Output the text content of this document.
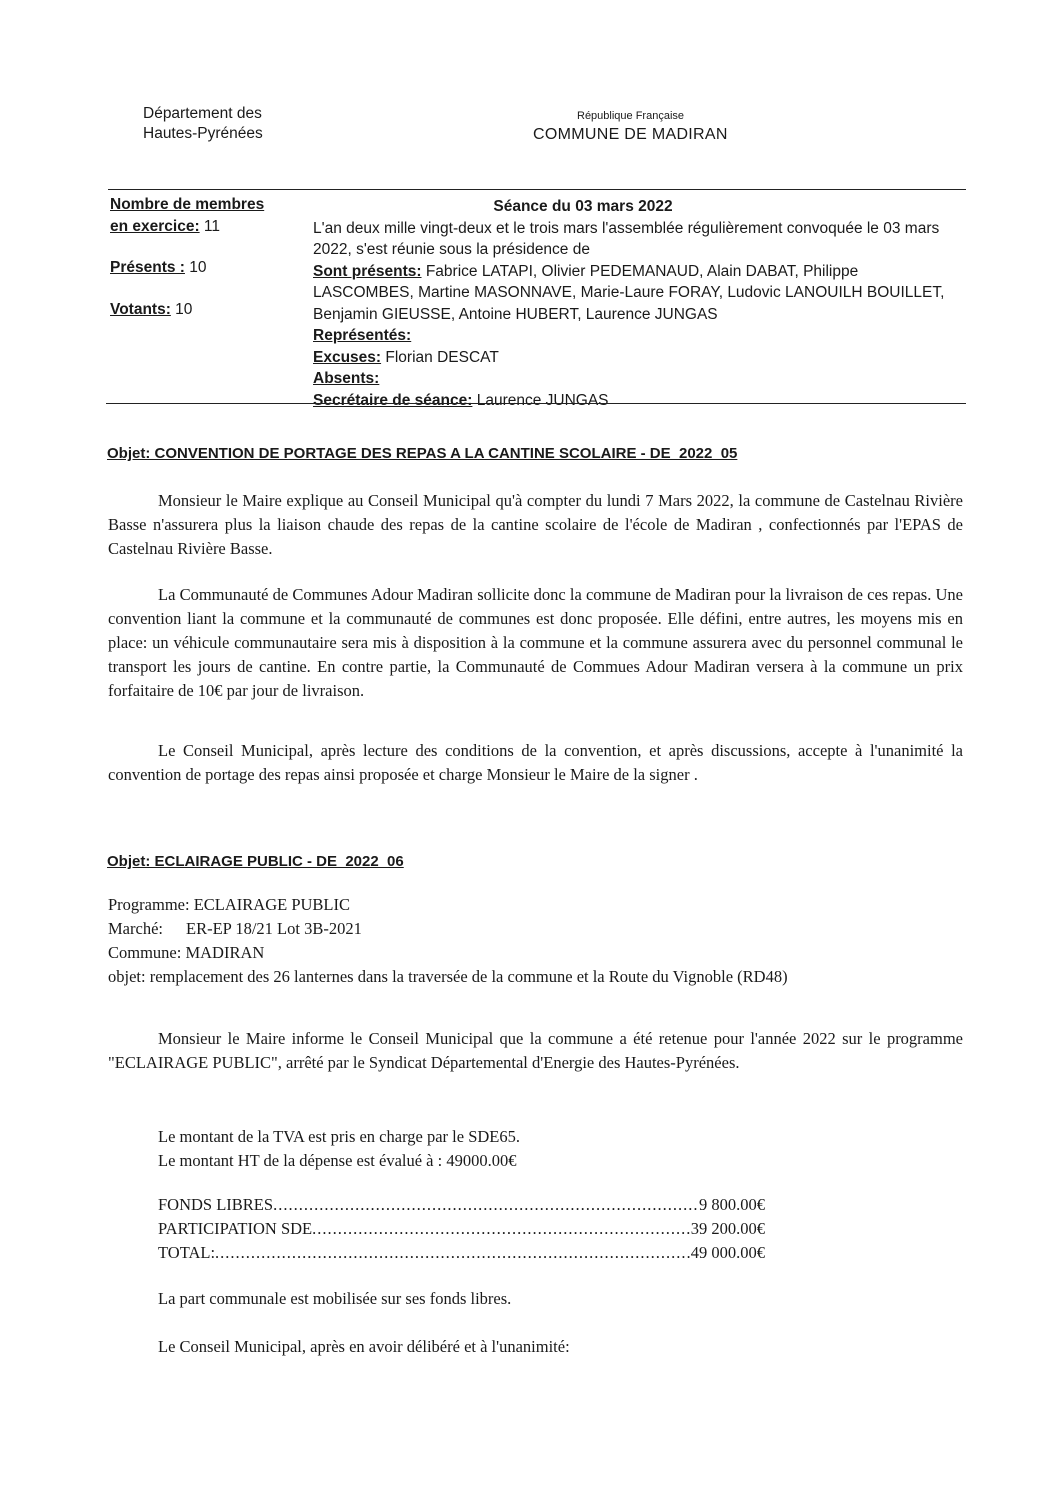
Département des
Hautes-Pyrénées
République Française
COMMUNE DE MADIRAN
Nombre de membres
en exercice: 11
Présents : 10
Votants: 10
Séance du 03 mars 2022
L'an deux mille vingt-deux et le trois mars l'assemblée régulièrement convoquée le 03 mars 2022, s'est réunie sous la présidence de
Sont présents: Fabrice LATAPI, Olivier PEDEMANAUD, Alain DABAT, Philippe LASCOMBES, Martine MASONNAVE, Marie-Laure FORAY, Ludovic LANOUILH BOUILLET, Benjamin GIEUSSE, Antoine HUBERT, Laurence JUNGAS
Représentés:
Excuses: Florian DESCAT
Absents:
Secrétaire de séance: Laurence JUNGAS
Objet: CONVENTION DE PORTAGE DES REPAS A LA CANTINE SCOLAIRE - DE_2022_05
Monsieur le Maire explique au Conseil Municipal qu'à compter du lundi 7 Mars 2022, la commune de Castelnau Rivière Basse n'assurera plus la liaison chaude des repas de la cantine scolaire de l'école de Madiran , confectionnés par l'EPAS de Castelnau Rivière Basse.
La Communauté de Communes Adour Madiran sollicite donc la commune de Madiran pour la livraison de ces repas. Une convention liant la commune et la communauté de communes est donc proposée. Elle défini, entre autres, les moyens mis en place: un véhicule communautaire sera mis à disposition à la commune et la commune assurera avec du personnel communal le transport les jours de cantine. En contre partie, la Communauté de Commues Adour Madiran versera à la commune un prix forfaitaire de 10€ par jour de livraison.
Le Conseil Municipal, après lecture des conditions de la convention, et après discussions, accepte à l'unanimité la convention de portage des repas ainsi proposée et charge Monsieur le Maire de la signer .
Objet: ECLAIRAGE PUBLIC - DE_2022_06
Programme: ECLAIRAGE PUBLIC
Marché: ER-EP 18/21 Lot 3B-2021
Commune: MADIRAN
objet: remplacement des 26 lanternes dans la traversée de la commune et la Route du Vignoble (RD48)
Monsieur le Maire informe le Conseil Municipal que la commune a été retenue pour l'année 2022 sur le programme "ECLAIRAGE PUBLIC", arrêté par le Syndicat Départemental d'Energie des Hautes-Pyrénées.
Le montant de la TVA est pris en charge par le SDE65.
Le montant HT de la dépense est évalué à : 49000.00€
FONDS LIBRES .....	9 800.00€
PARTICIPATION SDE .....	39 200.00€
TOTAL: .....	49 000.00€
La part communale est mobilisée sur ses fonds libres.
Le Conseil Municipal, après en avoir délibéré et à l'unanimité:
